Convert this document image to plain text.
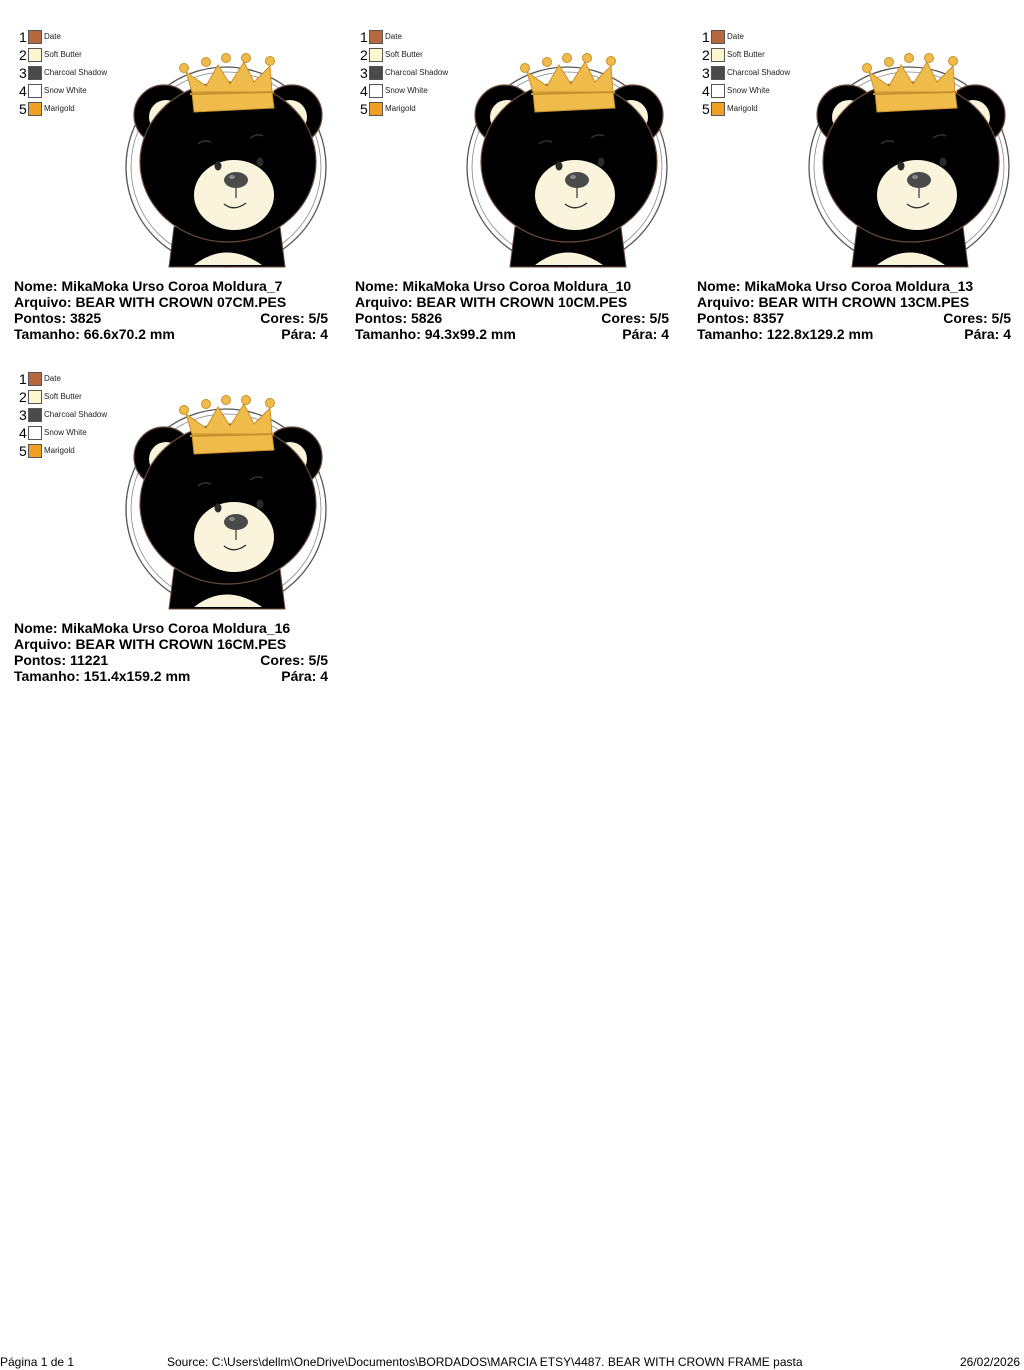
1 Date
2 Soft Butter
3 Charcoal Shadow
4 Snow White
5 Marigold
Nome: MikaMoka Urso Coroa Moldura_7
Arquivo: BEAR WITH CROWN 07CM.PES
Pontos: 3825	Cores: 5/5
Tamanho: 66.6x70.2 mm	Pára: 4
1 Date
2 Soft Butter
3 Charcoal Shadow
4 Snow White
5 Marigold
Nome: MikaMoka Urso Coroa Moldura_10
Arquivo: BEAR WITH CROWN 10CM.PES
Pontos: 5826	Cores: 5/5
Tamanho: 94.3x99.2 mm	Pára: 4
1 Date
2 Soft Butter
3 Charcoal Shadow
4 Snow White
5 Marigold
Nome: MikaMoka Urso Coroa Moldura_13
Arquivo: BEAR WITH CROWN 13CM.PES
Pontos: 8357	Cores: 5/5
Tamanho: 122.8x129.2 mm	Pára: 4
1 Date
2 Soft Butter
3 Charcoal Shadow
4 Snow White
5 Marigold
Nome: MikaMoka Urso Coroa Moldura_16
Arquivo: BEAR WITH CROWN 16CM.PES
Pontos: 11221	Cores: 5/5
Tamanho: 151.4x159.2 mm	Pára: 4
Página 1 de 1	Source: C:\Users\dellm\OneDrive\Documentos\BORDADOS\MARCIA ETSY\4487. BEAR WITH CROWN FRAME pasta	26/02/2026
